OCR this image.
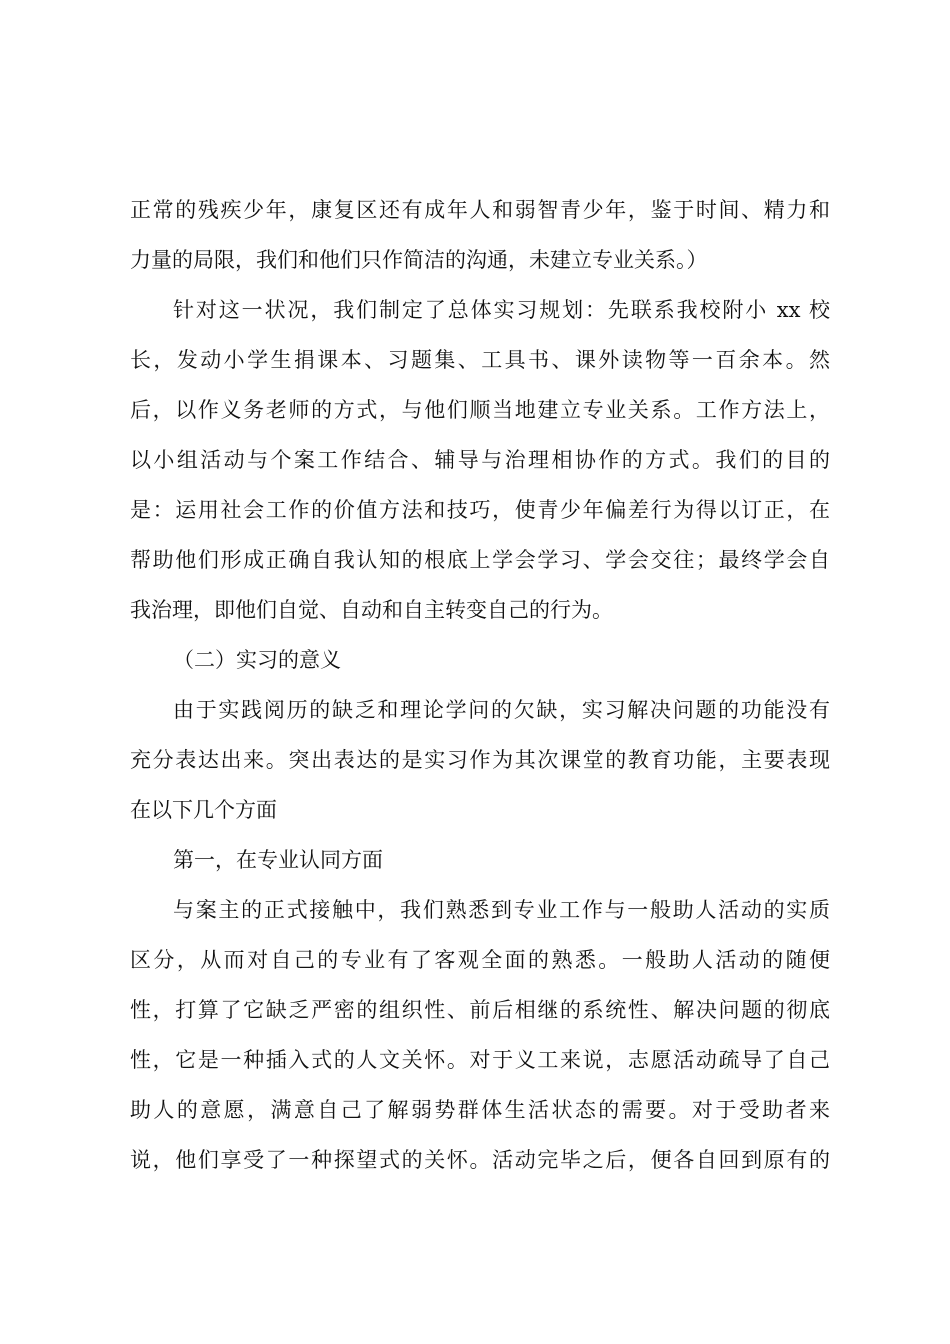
正常的残疾少年，康复区还有成年人和弱智青少年，鉴于时间、精力和
力量的局限，我们和他们只作简洁的沟通，未建立专业关系。）
针对这一状况，我们制定了总体实习规划：先联系我校附小 xx 校
长，发动小学生捐课本、习题集、工具书、课外读物等一百余本。然
后，以作义务老师的方式，与他们顺当地建立专业关系。工作方法上，
以小组活动与个案工作结合、辅导与治理相协作的方式。我们的目的
是：运用社会工作的价值方法和技巧，使青少年偏差行为得以订正，在
帮助他们形成正确自我认知的根底上学会学习、学会交往；最终学会自
我治理，即他们自觉、自动和自主转变自己的行为。
（二）实习的意义
由于实践阅历的缺乏和理论学问的欠缺，实习解决问题的功能没有
充分表达出来。突出表达的是实习作为其次课堂的教育功能，主要表现
在以下几个方面
第一，在专业认同方面
与案主的正式接触中，我们熟悉到专业工作与一般助人活动的实质
区分，从而对自己的专业有了客观全面的熟悉。一般助人活动的随便
性，打算了它缺乏严密的组织性、前后相继的系统性、解决问题的彻底
性，它是一种插入式的人文关怀。对于义工来说，志愿活动疏导了自己
助人的意愿，满意自己了解弱势群体生活状态的需要。对于受助者来
说，他们享受了一种探望式的关怀。活动完毕之后，便各自回到原有的
